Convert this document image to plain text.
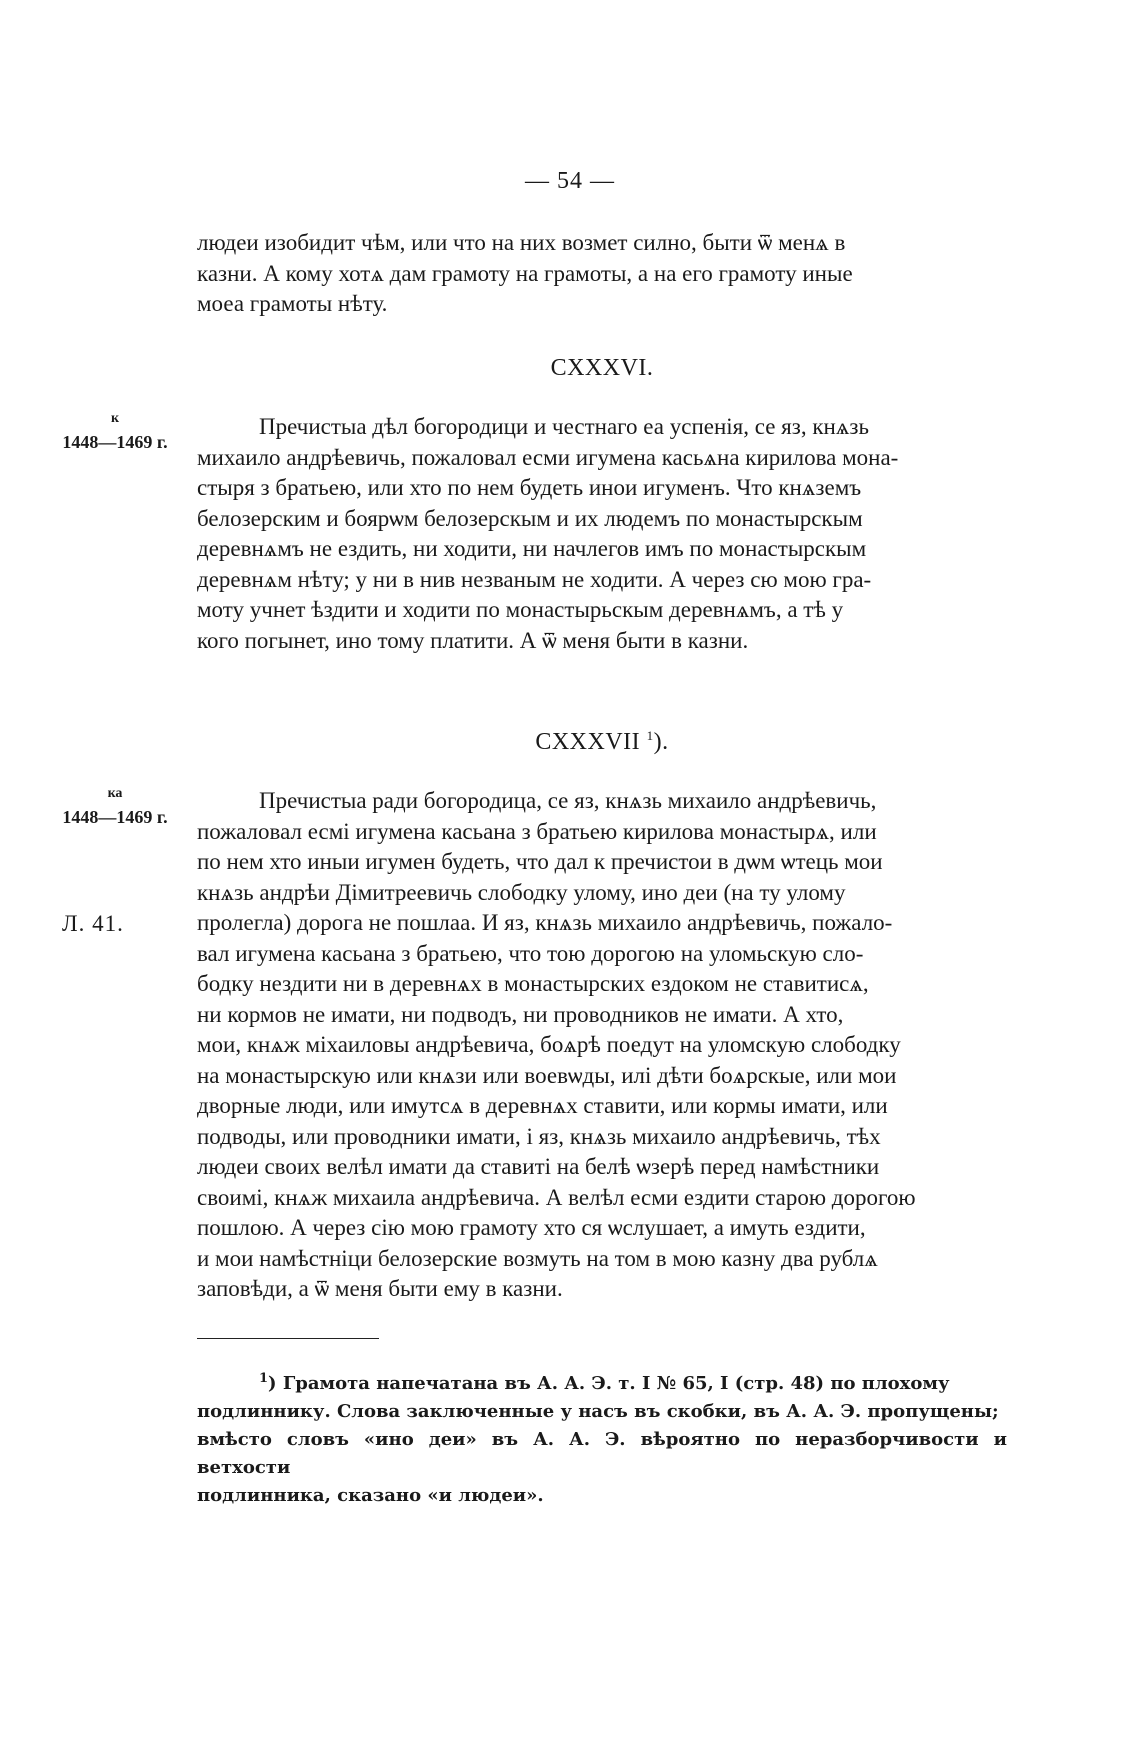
— 54 —

людеи изобидит чѣм, или что на них возмет силно, быти ѿ менѧ в

казни. А кому хотѧ дам грамоту на грамоты, а на его грамоту иные

моеа грамоты нѣту.

CXXXVI.
к
1448—1469 г.

Пречистыа дѣл богородици и честнаго еа успенія, се яз, кнѧзь

михаило андрѣевичь, пожаловал есми игумена касьѧна кирилова мона-

стыря з братьею, или хто по нем будеть инои игуменъ. Что кнѧземъ

белозерским и боярѡм белозерскым и их людемъ по монастырскым

деревнѧмъ не ездить, ни ходити, ни начлегов имъ по монастырскым

деревнѧм нѣту; у ни в нив незваным не ходити. А через сю мою гра-

моту учнет ѣздити и ходити по монастырьскым деревнѧмъ, а тѣ у

кого погынет, ино тому платити. А ѿ меня быти в казни.

CXXXVII $^1$).
ка
1448—1469 г.
Л. 41.

Пречистыа ради богородица, се яз, кнѧзь михаило андрѣевичь,

пожаловал есмі игумена касьана з братьею кирилова монастырѧ, или

по нем хто иныи игумен будеть, что дал к пречистои в дѡм ѡтець мои

кнѧзь андрѣи Дімитреевичь слободку улому, ино деи (на ту улому

пролегла) дорога не пошлаа. И яз, кнѧзь михаило андрѣевичь, пожало-

вал игумена касьана з братьею, что тою дорогою на уломьскую сло-

бодку нездити ни в деревнѧх в монастырских ездоком не ставитисѧ,

ни кормов не имати, ни подводъ, ни проводников не имати. А хто,

мои, кнѧж міхаиловы андрѣевича, боѧрѣ поедут на уломскую слободку

на монастырскую или кнѧзи или воевѡды, илі дѣти боѧрскые, или мои

дворные люди, или имутсѧ в деревнѧх ставити, или кормы имати, или

подводы, или проводники имати, і яз, кнѧзь михаило андрѣевичь, тѣх

людеи своих велѣл имати да ставиті на белѣ ѡзерѣ перед намѣстники

своимі, кнѧж михаила андрѣевича. А велѣл есми ездити старою дорогою

пошлою. А через сію мою грамоту хто ся ѡслушает, а имуть ездити,

и мои намѣстніци белозерские возмуть на том в мою казну два рублѧ

заповѣди, а ѿ меня быти ему в казни.

$^1$) Грамота напечатана въ А. А. Э. т. I № 65, I (стр. 48) по плохому

подлиннику. Слова заключенные у насъ въ скобки, въ А. А. Э. пропущены;

вмѣсто словъ «ино деи» въ А. А. Э. вѣроятно по неразборчивости и ветхости

подлинника, сказано «и людеи».
